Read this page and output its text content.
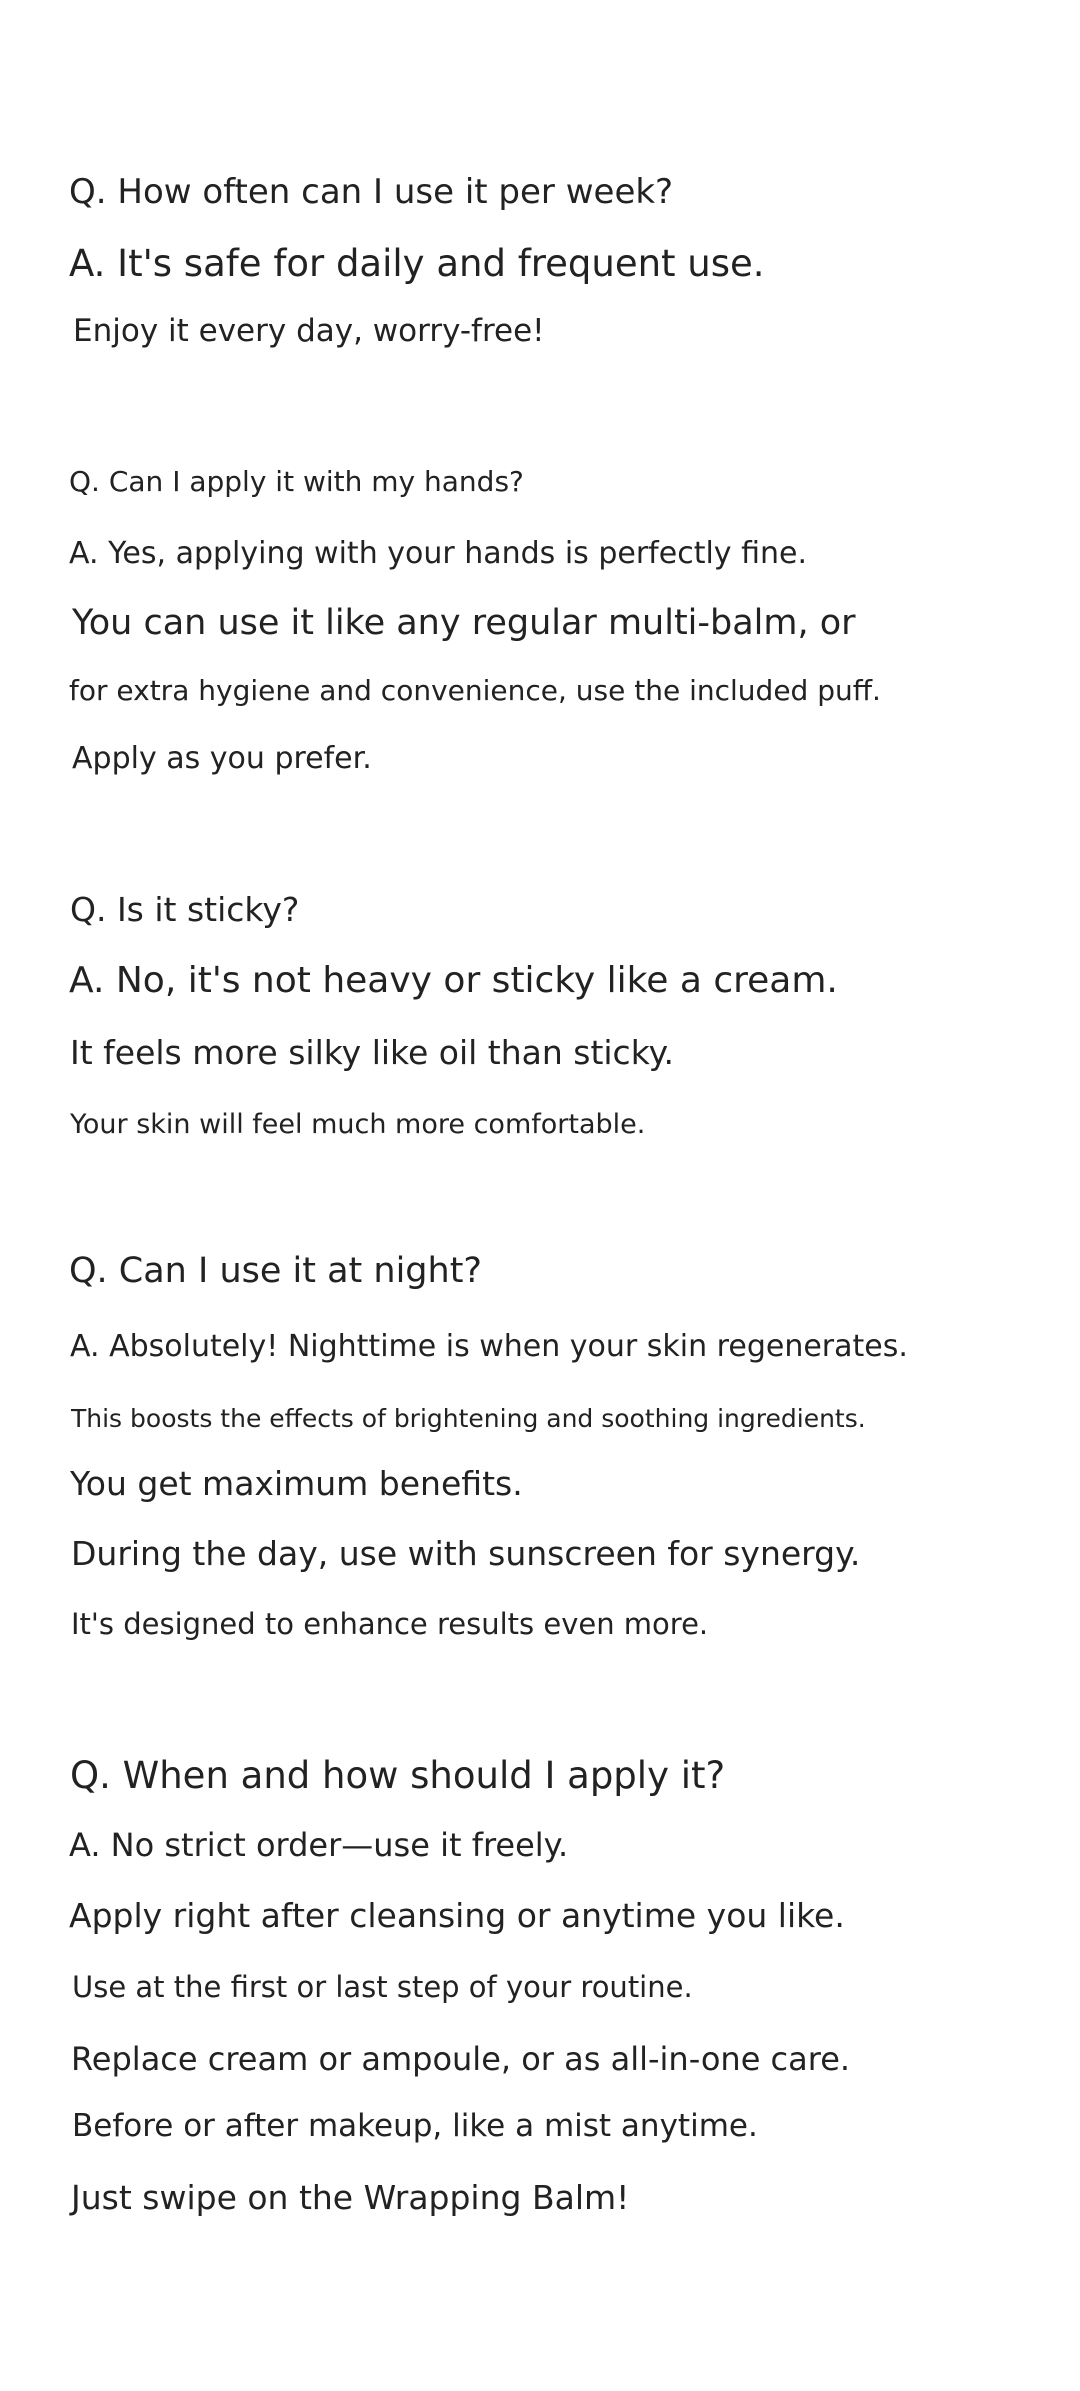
Q. How often can I use it per week?

A. It's safe for daily and frequent use.

Enjoy it every day, worry-free!

Q. Can I apply it with my hands?

A. Yes, applying with your hands is perfectly fine.

You can use it like any regular multi-balm, or

for extra hygiene and convenience, use the included puff.

Apply as you prefer.

Q. Is it sticky?

A. No, it's not heavy or sticky like a cream.

It feels more silky like oil than sticky.

Your skin will feel much more comfortable.

Q. Can I use it at night?

A. Absolutely! Nighttime is when your skin regenerates.

This boosts the effects of brightening and soothing ingredients.

You get maximum benefits.

During the day, use with sunscreen for synergy.

It's designed to enhance results even more.

Q. When and how should I apply it?

A. No strict order—use it freely.

Apply right after cleansing or anytime you like.

Use at the first or last step of your routine.

Replace cream or ampoule, or as all-in-one care.

Before or after makeup, like a mist anytime.

Just swipe on the Wrapping Balm!
